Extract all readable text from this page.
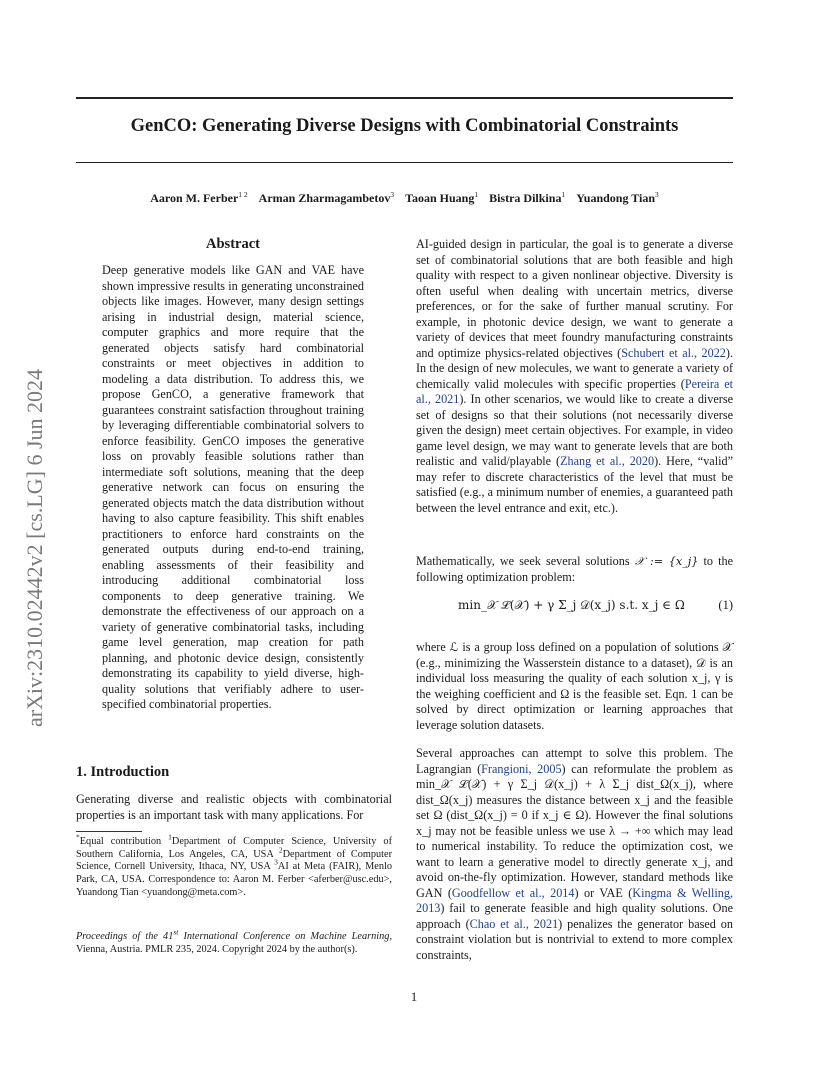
GenCO: Generating Diverse Designs with Combinatorial Constraints

Aaron M. Ferber$^{1 2}$ Arman Zharmagambetov$^3$ Taoan Huang$^1$ Bistra Dilkina$^1$ Yuandong Tian$^3$

arXiv:2310.02442v2 [cs.LG] 6 Jun 2024
Abstract

Deep generative models like GAN and VAE have shown impressive results in generating unconstrained objects like images. However, many design settings arising in industrial design, material science, computer graphics and more require that the generated objects satisfy hard combinatorial constraints or meet objectives in addition to modeling a data distribution. To address this, we propose GenCO, a generative framework that guarantees constraint satisfaction throughout training by leveraging differentiable combinatorial solvers to enforce feasibility. GenCO imposes the generative loss on provably feasible solutions rather than intermediate soft solutions, meaning that the deep generative network can focus on ensuring the generated objects match the data distribution without having to also capture feasibility. This shift enables practitioners to enforce hard constraints on the generated outputs during end-to-end training, enabling assessments of their feasibility and introducing additional combinatorial loss components to deep generative training. We demonstrate the effectiveness of our approach on a variety of generative combinatorial tasks, including game level generation, map creation for path planning, and photonic device design, consistently demonstrating its capability to yield diverse, high-quality solutions that verifiably adhere to user-specified combinatorial properties.

1. Introduction

Generating diverse and realistic objects with combinatorial properties is an important task with many applications. For

*Equal contribution $^1$Department of Computer Science, University of Southern California, Los Angeles, CA, USA $^2$Department of Computer Science, Cornell University, Ithaca, NY, USA $^3$AI at Meta (FAIR), Menlo Park, CA, USA. Correspondence to: Aaron M. Ferber <aferber@usc.edu>, Yuandong Tian <yuandong@meta.com>.

Proceedings of the 41st International Conference on Machine Learning, Vienna, Austria. PMLR 235, 2024. Copyright 2024 by the author(s).

AI-guided design in particular, the goal is to generate a diverse set of combinatorial solutions that are both feasible and high quality with respect to a given nonlinear objective. Diversity is often useful when dealing with uncertain metrics, diverse preferences, or for the sake of further manual scrutiny. For example, in photonic device design, we want to generate a variety of devices that meet foundry manufacturing constraints and optimize physics-related objectives (Schubert et al., 2022). In the design of new molecules, we want to generate a variety of chemically valid molecules with specific properties (Pereira et al., 2021). In other scenarios, we would like to create a diverse set of designs so that their solutions (not necessarily diverse given the design) meet certain objectives. For example, in video game level design, we may want to generate levels that are both realistic and valid/playable (Zhang et al., 2020). Here, “valid” may refer to discrete characteristics of the level that must be satisfied (e.g., a minimum number of enemies, a guaranteed path between the level entrance and exit, etc.).

Mathematically, we seek several solutions 𝒳 := {x_j} to the following optimization problem:

min_𝒳 ℒ(𝒳) + γ Σ_j 𝒟(x_j) s.t. x_j ∈ Ω	(1)

where ℒ is a group loss defined on a population of solutions 𝒳 (e.g., minimizing the Wasserstein distance to a dataset), 𝒟 is an individual loss measuring the quality of each solution x_j, γ is the weighing coefficient and Ω is the feasible set. Eqn. 1 can be solved by direct optimization or learning approaches that leverage solution datasets.

Several approaches can attempt to solve this problem. The Lagrangian (Frangioni, 2005) can reformulate the problem as min_𝒳 ℒ(𝒳) + γ Σ_j 𝒟(x_j) + λ Σ_j dist_Ω(x_j), where dist_Ω(x_j) measures the distance between x_j and the feasible set Ω (dist_Ω(x_j) = 0 if x_j ∈ Ω). However the final solutions x_j may not be feasible unless we use λ → +∞ which may lead to numerical instability. To reduce the optimization cost, we want to learn a generative model to directly generate x_j, and avoid on-the-fly optimization. However, standard methods like GAN (Goodfellow et al., 2014) or VAE (Kingma & Welling, 2013) fail to generate feasible and high quality solutions. One approach (Chao et al., 2021) penalizes the generator based on constraint violation but is nontrivial to extend to more complex constraints,

1
